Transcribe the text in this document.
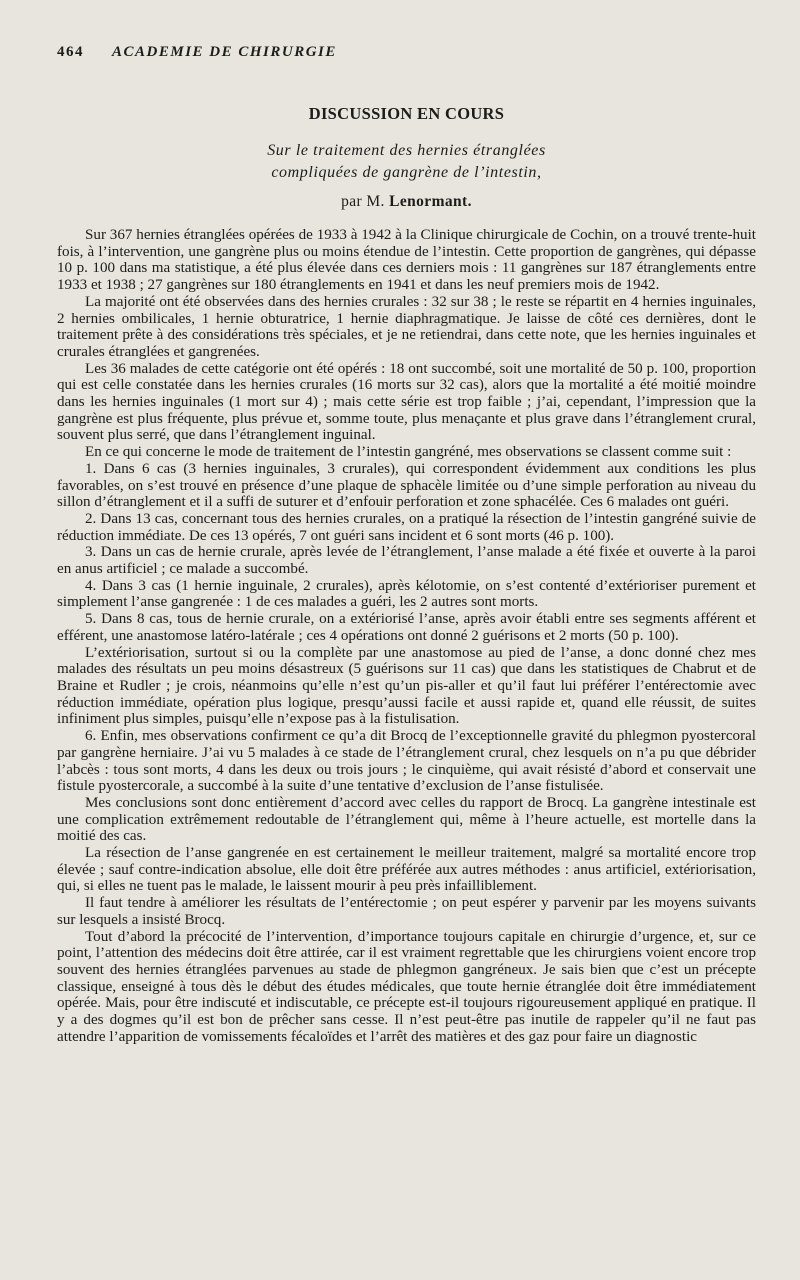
464	ACADEMIE DE CHIRURGIE
DISCUSSION EN COURS
Sur le traitement des hernies étranglées
compliquées de gangrène de l’intestin,
par M. Lenormant.

Sur 367 hernies étranglées opérées de 1933 à 1942 à la Clinique chirurgicale de Cochin, on a trouvé trente-huit fois, à l’intervention, une gangrène plus ou moins étendue de l’intestin. Cette proportion de gangrènes, qui dépasse 10 p. 100 dans ma statistique, a été plus élevée dans ces derniers mois : 11 gangrènes sur 187 étranglements entre 1933 et 1938 ; 27 gangrènes sur 180 étranglements en 1941 et dans les neuf premiers mois de 1942.

La majorité ont été observées dans des hernies crurales : 32 sur 38 ; le reste se répartit en 4 hernies inguinales, 2 hernies ombilicales, 1 hernie obturatrice, 1 hernie diaphragmatique. Je laisse de côté ces dernières, dont le traitement prête à des considérations très spéciales, et je ne retiendrai, dans cette note, que les hernies inguinales et crurales étranglées et gangrenées.

Les 36 malades de cette catégorie ont été opérés : 18 ont succombé, soit une mortalité de 50 p. 100, proportion qui est celle constatée dans les hernies crurales (16 morts sur 32 cas), alors que la mortalité a été moitié moindre dans les hernies inguinales (1 mort sur 4) ; mais cette série est trop faible ; j’ai, cependant, l’impression que la gangrène est plus fréquente, plus prévue et, somme toute, plus menaçante et plus grave dans l’étranglement crural, souvent plus serré, que dans l’étranglement inguinal.

En ce qui concerne le mode de traitement de l’intestin gangréné, mes observations se classent comme suit :

1. Dans 6 cas (3 hernies inguinales, 3 crurales), qui correspondent évidemment aux conditions les plus favorables, on s’est trouvé en présence d’une plaque de sphacèle limitée ou d’une simple perforation au niveau du sillon d’étranglement et il a suffi de suturer et d’enfouir perforation et zone sphacélée. Ces 6 malades ont guéri.

2. Dans 13 cas, concernant tous des hernies crurales, on a pratiqué la résection de l’intestin gangréné suivie de réduction immédiate. De ces 13 opérés, 7 ont guéri sans incident et 6 sont morts (46 p. 100).

3. Dans un cas de hernie crurale, après levée de l’étranglement, l’anse malade a été fixée et ouverte à la paroi en anus artificiel ; ce malade a succombé.

4. Dans 3 cas (1 hernie inguinale, 2 crurales), après kélotomie, on s’est contenté d’extérioriser purement et simplement l’anse gangrenée : 1 de ces malades a guéri, les 2 autres sont morts.

5. Dans 8 cas, tous de hernie crurale, on a extériorisé l’anse, après avoir établi entre ses segments afférent et efférent, une anastomose latéro-latérale ; ces 4 opérations ont donné 2 guérisons et 2 morts (50 p. 100).

L’extériorisation, surtout si ou la complète par une anastomose au pied de l’anse, a donc donné chez mes malades des résultats un peu moins désastreux (5 guérisons sur 11 cas) que dans les statistiques de Chabrut et de Braine et Rudler ; je crois, néanmoins qu’elle n’est qu’un pis-aller et qu’il faut lui préférer l’entérectomie avec réduction immédiate, opération plus logique, presqu’aussi facile et aussi rapide et, quand elle réussit, de suites infiniment plus simples, puisqu’elle n’expose pas à la fistulisation.

6. Enfin, mes observations confirment ce qu’a dit Brocq de l’exceptionnelle gravité du phlegmon pyostercoral par gangrène herniaire. J’ai vu 5 malades à ce stade de l’étranglement crural, chez lesquels on n’a pu que débrider l’abcès : tous sont morts, 4 dans les deux ou trois jours ; le cinquième, qui avait résisté d’abord et conservait une fistule pyostercorale, a succombé à la suite d’une tentative d’exclusion de l’anse fistulisée.

Mes conclusions sont donc entièrement d’accord avec celles du rapport de Brocq. La gangrène intestinale est une complication extrêmement redoutable de l’étranglement qui, même à l’heure actuelle, est mortelle dans la moitié des cas.

La résection de l’anse gangrenée en est certainement le meilleur traitement, malgré sa mortalité encore trop élevée ; sauf contre-indication absolue, elle doit être préférée aux autres méthodes : anus artificiel, extériorisation, qui, si elles ne tuent pas le malade, le laissent mourir à peu près infailliblement.

Il faut tendre à améliorer les résultats de l’entérectomie ; on peut espérer y parvenir par les moyens suivants sur lesquels a insisté Brocq.

Tout d’abord la précocité de l’intervention, d’importance toujours capitale en chirurgie d’urgence, et, sur ce point, l’attention des médecins doit être attirée, car il est vraiment regrettable que les chirurgiens voient encore trop souvent des hernies étranglées parvenues au stade de phlegmon gangréneux. Je sais bien que c’est un précepte classique, enseigné à tous dès le début des études médicales, que toute hernie étranglée doit être immédiatement opérée. Mais, pour être indiscuté et indiscutable, ce précepte est-il toujours rigoureusement appliqué en pratique. Il y a des dogmes qu’il est bon de prêcher sans cesse. Il n’est peut-être pas inutile de rappeler qu’il ne faut pas attendre l’apparition de vomissements fécaloïdes et l’arrêt des matières et des gaz pour faire un diagnostic
